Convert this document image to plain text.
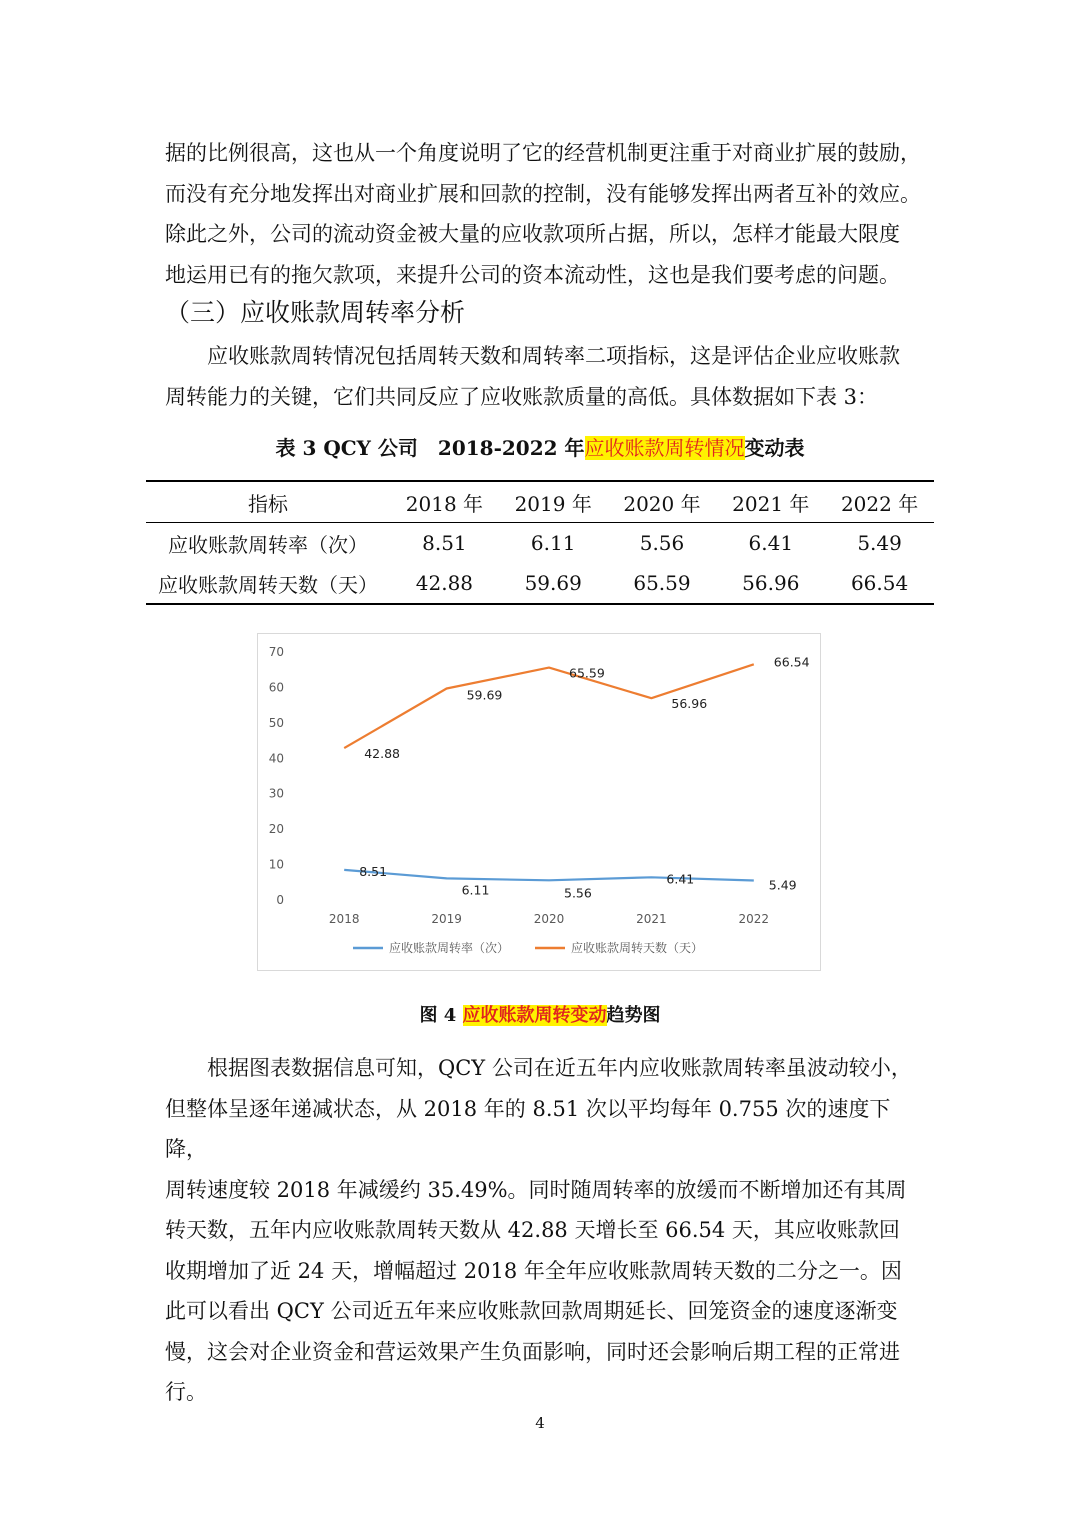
据的比例很高，这也从一个角度说明了它的经营机制更注重于对商业扩展的鼓励，
而没有充分地发挥出对商业扩展和回款的控制，没有能够发挥出两者互补的效应。
除此之外，公司的流动资金被大量的应收款项所占据，所以，怎样才能最大限度
地运用已有的拖欠款项，来提升公司的资本流动性，这也是我们要考虑的问题。
（三）应收账款周转率分析
应收账款周转情况包括周转天数和周转率二项指标，这是评估企业应收账款
周转能力的关键，它们共同反应了应收账款质量的高低。具体数据如下表 3：
表 3 QCY 公司　2018-2022 年应收账款周转情况变动表
指标	2018 年	2019 年	2020 年	2021 年	2022 年
应收账款周转率（次）	8.51	6.11	5.56	6.41	5.49
应收账款周转天数（天）	42.88	59.69	65.59	56.96	66.54
0
10
20
30
40
50
60
70
2018	2019	2020	2021	2022
8.51
6.11	5.56
6.41	5.49
42.88
59.69
65.59
56.96
66.54
应收账款周转率（次）	应收账款周转天数（天）
图 4 应收账款周转变动趋势图
根据图表数据信息可知，QCY 公司在近五年内应收账款周转率虽波动较小，
但整体呈逐年递减状态，从 2018 年的 8.51 次以平均每年 0.755 次的速度下降，
周转速度较 2018 年减缓约 35.49%。同时随周转率的放缓而不断增加还有其周
转天数，五年内应收账款周转天数从 42.88 天增长至 66.54 天，其应收账款回
收期增加了近 24 天，增幅超过 2018 年全年应收账款周转天数的二分之一。因
此可以看出 QCY 公司近五年来应收账款回款周期延长、回笼资金的速度逐渐变
慢，这会对企业资金和营运效果产生负面影响，同时还会影响后期工程的正常进
行。
4
